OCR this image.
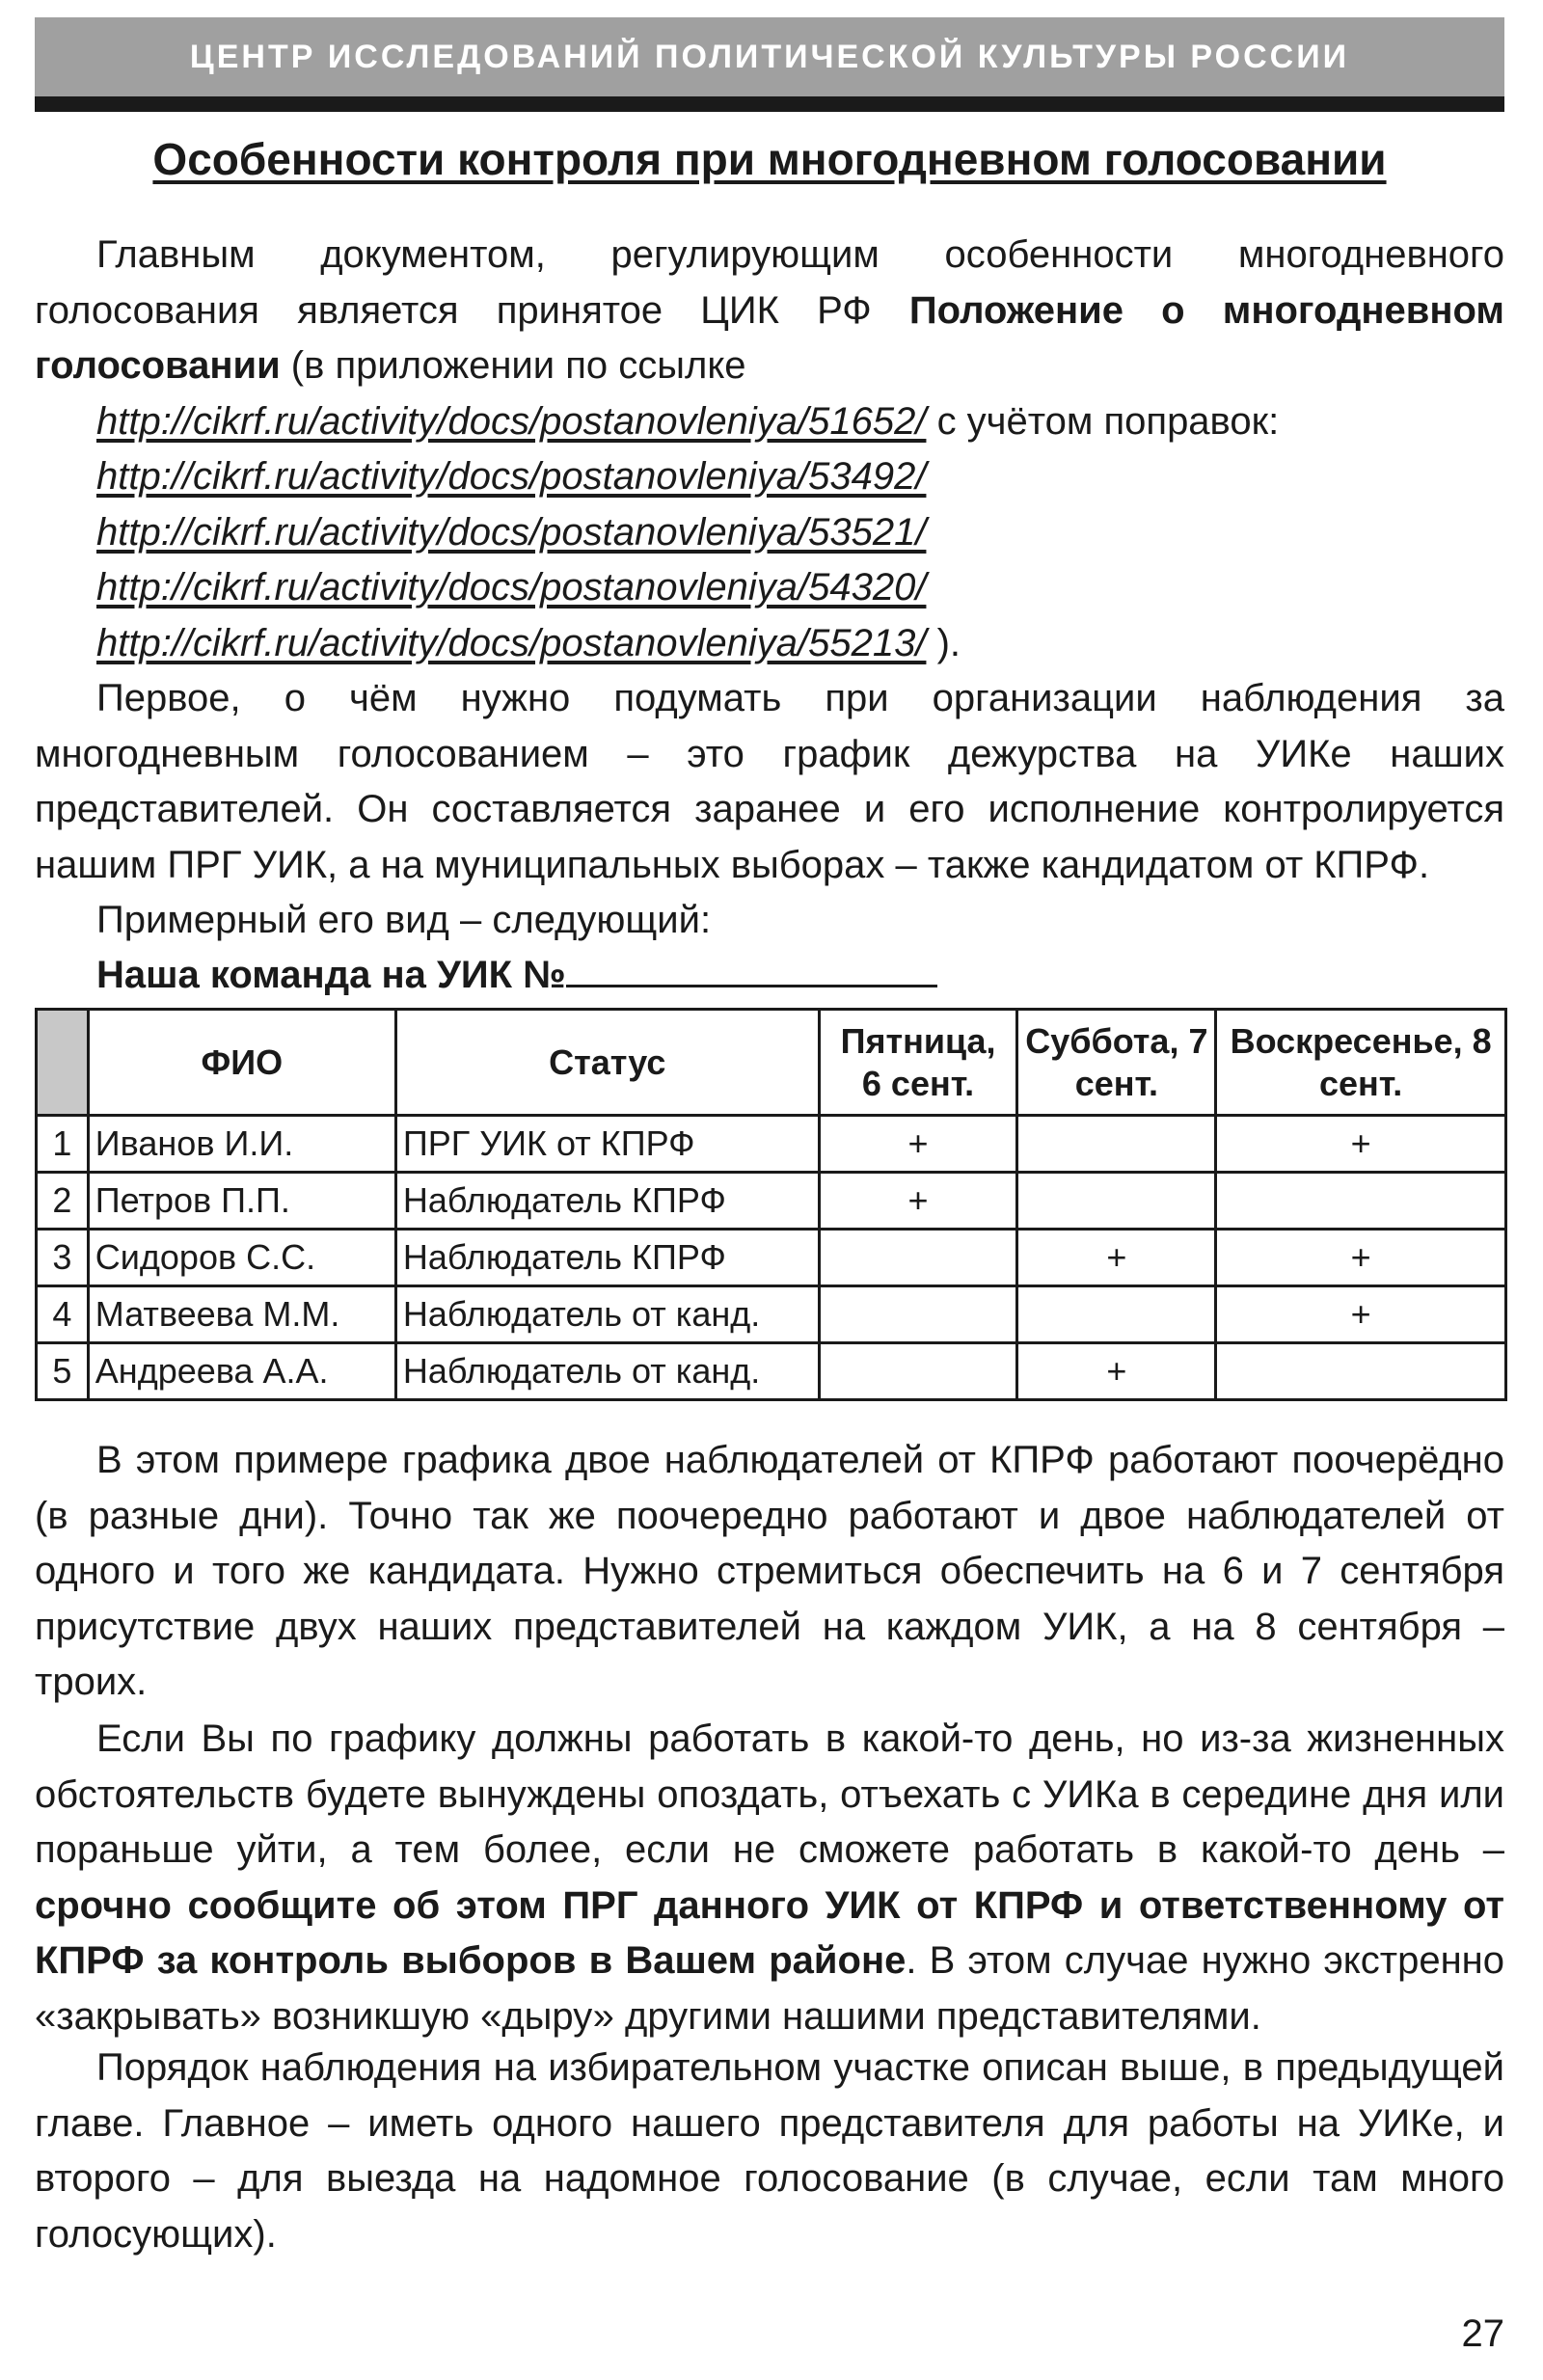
ЦЕНТР ИССЛЕДОВАНИЙ ПОЛИТИЧЕСКОЙ КУЛЬТУРЫ РОССИИ
Особенности контроля при многодневном голосовании
Главным документом, регулирующим особенности многодневного голосования является принятое ЦИК РФ Положение о многодневном голосовании (в приложении по ссылке
http://cikrf.ru/activity/docs/postanovleniya/51652/ с учётом поправок:
http://cikrf.ru/activity/docs/postanovleniya/53492/
http://cikrf.ru/activity/docs/postanovleniya/53521/
http://cikrf.ru/activity/docs/postanovleniya/54320/
http://cikrf.ru/activity/docs/postanovleniya/55213/ ).
Первое, о чём нужно подумать при организации наблюдения за многодневным голосованием – это график дежурства на УИКе наших представителей. Он составляется заранее и его исполнение контролируется нашим ПРГ УИК, а на муниципальных выборах – также кандидатом от КПРФ.
Примерный его вид – следующий:
Наша команда на УИК №
	ФИО	Статус	Пятница, 6 сент.	Суббота, 7 сент.	Воскресенье, 8 сент.
1	Иванов И.И.	ПРГ УИК от КПРФ	+		+
2	Петров П.П.	Наблюдатель КПРФ	+		
3	Сидоров С.С.	Наблюдатель КПРФ		+	+
4	Матвеева М.М.	Наблюдатель от канд.			+
5	Андреева А.А.	Наблюдатель от канд.		+	
В этом примере графика двое наблюдателей от КПРФ работают поочерёдно (в разные дни). Точно так же поочередно работают и двое наблюдателей от одного и того же кандидата. Нужно стремиться обеспечить на 6 и 7 сентября присутствие двух наших представителей на каждом УИК, а на 8 сентября – троих.
Если Вы по графику должны работать в какой-то день, но из-за жизненных обстоятельств будете вынуждены опоздать, отъехать с УИКа в середине дня или пораньше уйти, а тем более, если не сможете работать в какой-то день – срочно сообщите об этом ПРГ данного УИК от КПРФ и ответственному от КПРФ за контроль выборов в Вашем районе. В этом случае нужно экстренно «закрывать» возникшую «дыру» другими нашими представителями.
Порядок наблюдения на избирательном участке описан выше, в предыдущей главе. Главное – иметь одного нашего представителя для работы на УИКе, и второго – для выезда на надомное голосование (в случае, если там много голосующих).
27
